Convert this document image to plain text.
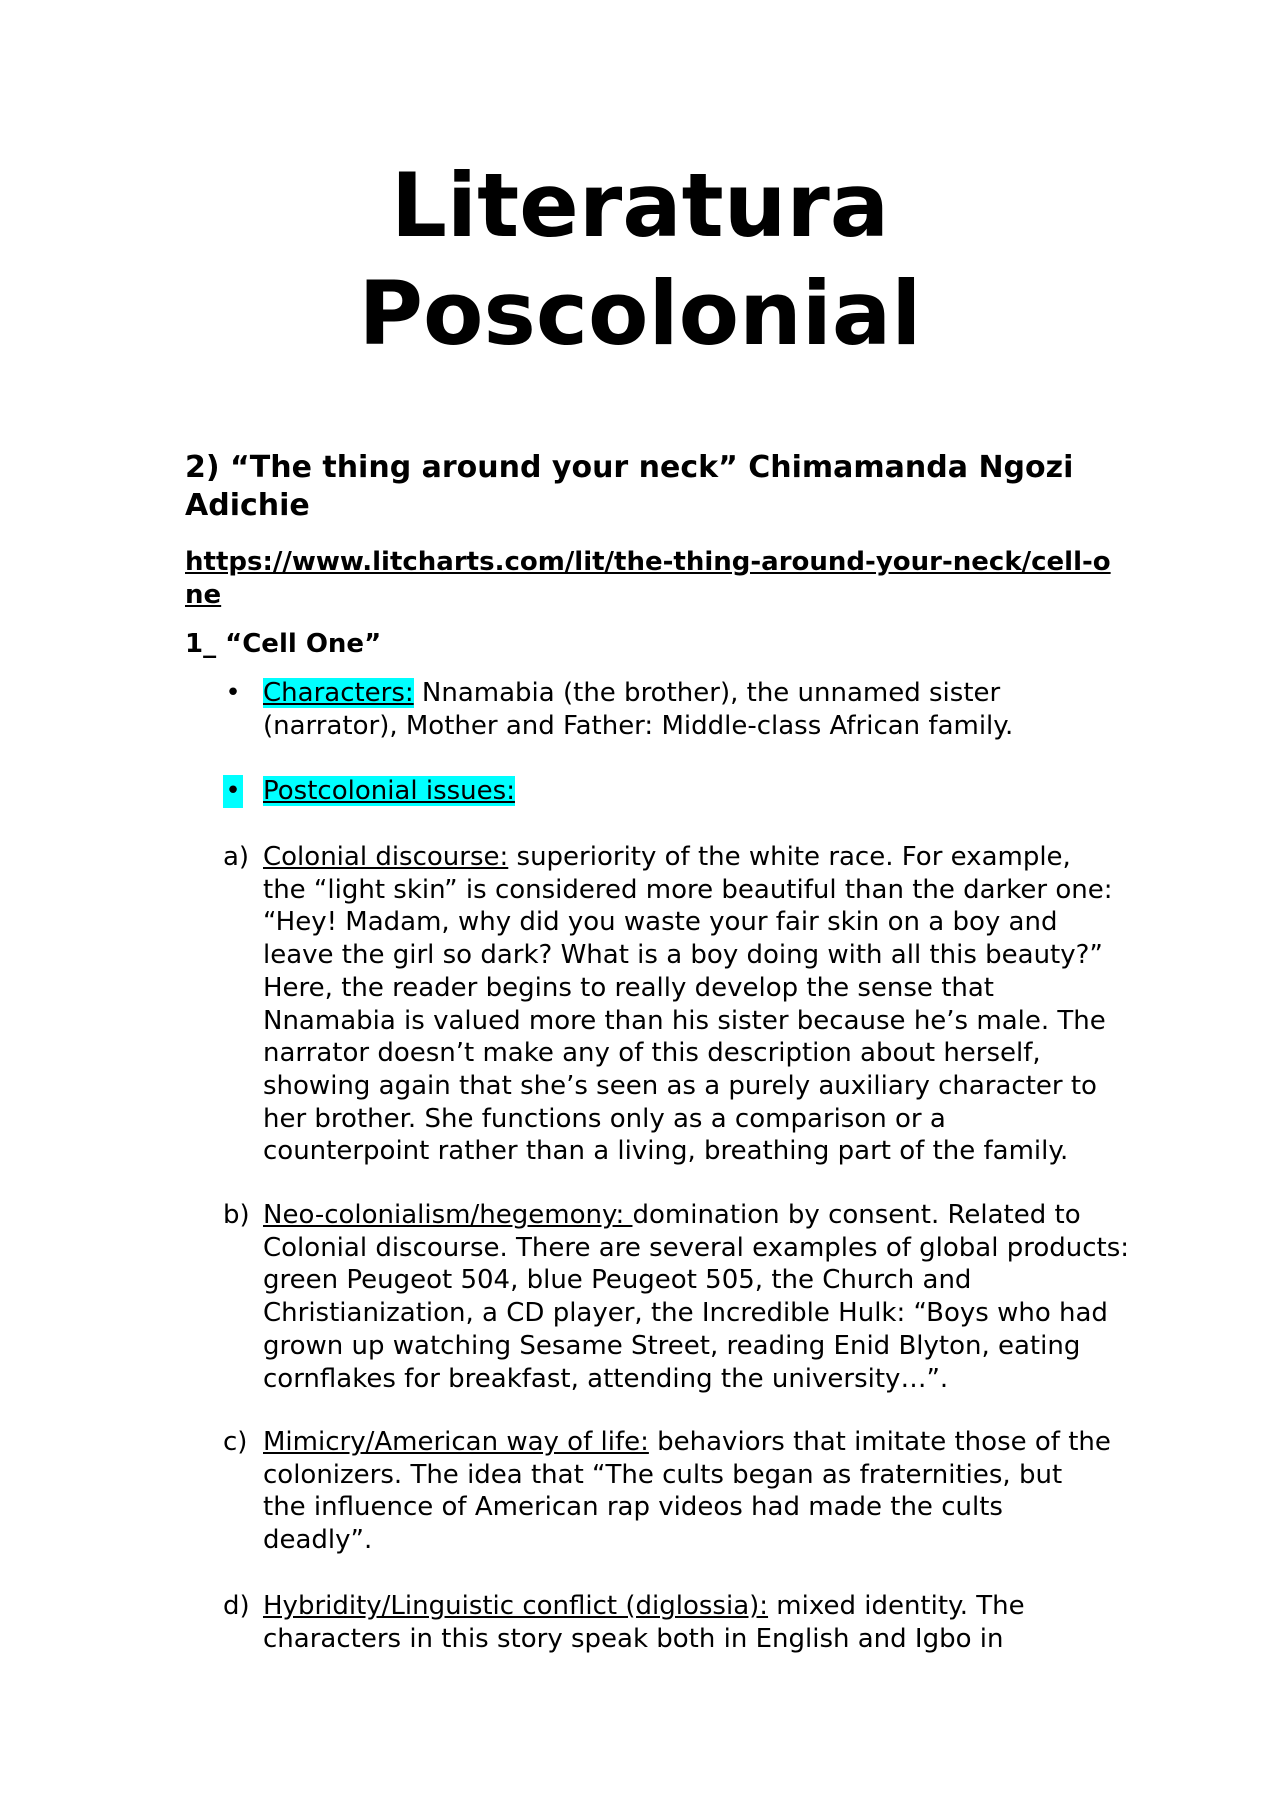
Literatura
Poscolonial
2) “The thing around your neck” Chimamanda Ngozi Adichie
https://www.litcharts.com/lit/the-thing-around-your-neck/cell-one
1_ “Cell One”
• Characters: Nnamabia (the brother), the unnamed sister (narrator), Mother and Father: Middle-class African family.
• Postcolonial issues:
a) Colonial discourse: superiority of the white race. For example, the “light skin” is considered more beautiful than the darker one: “Hey! Madam, why did you waste your fair skin on a boy and leave the girl so dark? What is a boy doing with all this beauty?” Here, the reader begins to really develop the sense that Nnamabia is valued more than his sister because he’s male. The narrator doesn’t make any of this description about herself, showing again that she’s seen as a purely auxiliary character to her brother. She functions only as a comparison or a counterpoint rather than a living, breathing part of the family.
b) Neo-colonialism/hegemony: domination by consent. Related to Colonial discourse. There are several examples of global products: green Peugeot 504, blue Peugeot 505, the Church and Christianization, a CD player, the Incredible Hulk: “Boys who had grown up watching Sesame Street, reading Enid Blyton, eating cornflakes for breakfast, attending the university…”.
c) Mimicry/American way of life: behaviors that imitate those of the colonizers. The idea that “The cults began as fraternities, but the influence of American rap videos had made the cults deadly”.
d) Hybridity/Linguistic conflict (diglossia): mixed identity. The characters in this story speak both in English and Igbo in
